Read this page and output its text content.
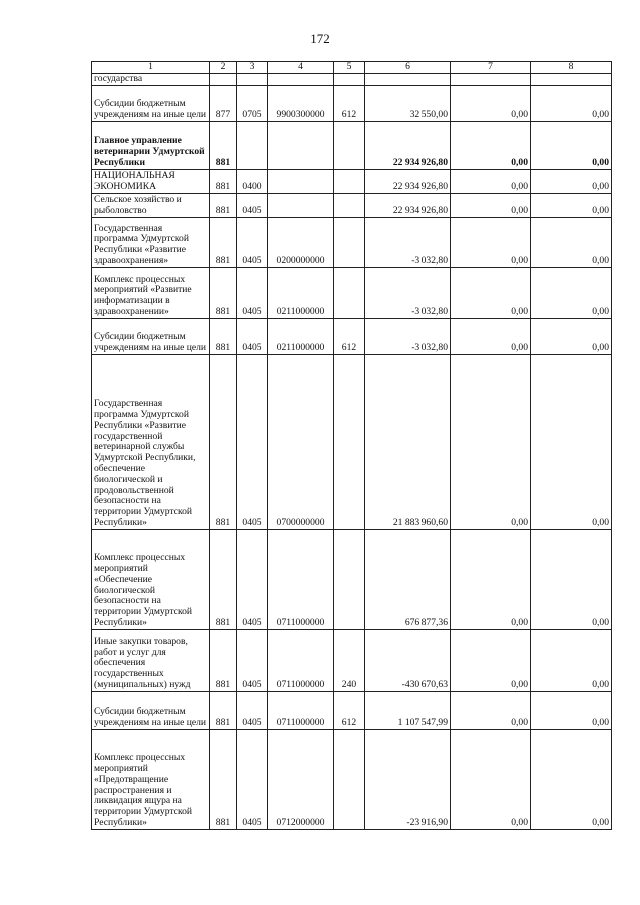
172
1	2	3	4	5	6	7	8
государства							
Субсидии бюджетным учреждениям на иные цели	877	0705	9900300000	612	32 550,00	0,00	0,00
Главное управление ветеринарии Удмуртской Республики	881				22 934 926,80	0,00	0,00
НАЦИОНАЛЬНАЯ ЭКОНОМИКА	881	0400			22 934 926,80	0,00	0,00
Сельское хозяйство и рыболовство	881	0405			22 934 926,80	0,00	0,00
Государственная программа Удмуртской Республики «Развитие здравоохранения»	881	0405	0200000000		-3 032,80	0,00	0,00
Комплекс процессных мероприятий «Развитие информатизации в здравоохранении»	881	0405	0211000000		-3 032,80	0,00	0,00
Субсидии бюджетным учреждениям на иные цели	881	0405	0211000000	612	-3 032,80	0,00	0,00
Государственная программа Удмуртской Республики «Развитие государственной ветеринарной службы Удмуртской Республики, обеспечение биологической и продовольственной безопасности на территории Удмуртской Республики»	881	0405	0700000000		21 883 960,60	0,00	0,00
Комплекс процессных мероприятий «Обеспечение биологической безопасности на территории Удмуртской Республики»	881	0405	0711000000		676 877,36	0,00	0,00
Иные закупки товаров, работ и услуг для обеспечения государственных (муниципальных) нужд	881	0405	0711000000	240	-430 670,63	0,00	0,00
Субсидии бюджетным учреждениям на иные цели	881	0405	0711000000	612	1 107 547,99	0,00	0,00
Комплекс процессных мероприятий «Предотвращение распространения и ликвидация ящура на территории Удмуртской Республики»	881	0405	0712000000		-23 916,90	0,00	0,00
